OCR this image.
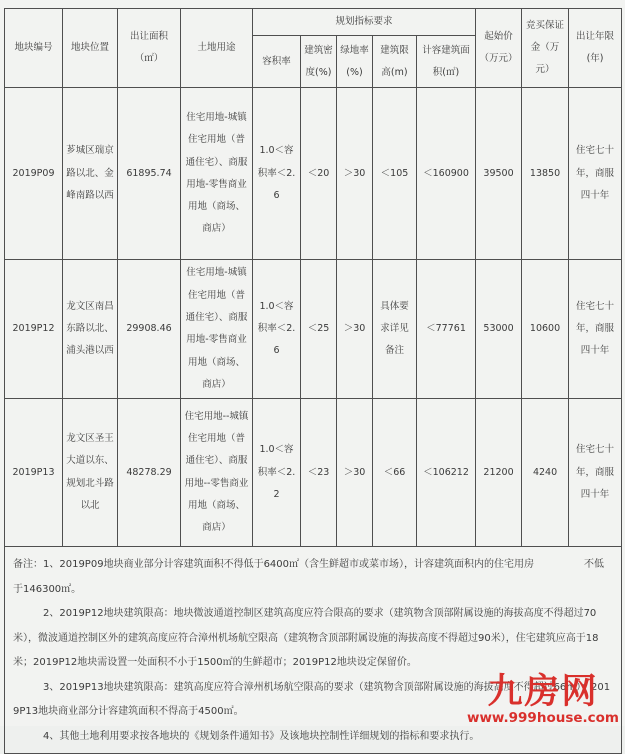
地块编号	地块位置	出让面积（㎡）	土地用途	规划指标要求					起始价（万元）	竞买保证金（万元）	出让年限(年)
				容积率	建筑密度(%)	绿地率(%)	建筑限高(m)	计容建筑面积(㎡)			
2019P09	芗城区瑞京路以北、金峰南路以西	61895.74	住宅用地-城镇住宅用地（普通住宅）、商服用地-零售商业用地（商场、商店）	1.0＜容积率＜2.6	＜20	＞30	＜105	＜160900	39500	13850	住宅七十年，商服四十年
2019P12	龙文区南昌东路以北、浦头港以西	29908.46	住宅用地-城镇住宅用地（普通住宅）、商服用地-零售商业用地（商场、商店）	1.0＜容积率＜2.6	＜25	＞30	具体要求详见备注	＜77761	53000	10600	住宅七十年，商服四十年
2019P13	龙文区圣王大道以东、规划北斗路以北	48278.29	住宅用地--城镇住宅用地（普通住宅）、商服用地--零售商业用地（商场、商店）	1.0＜容积率＜2.2	＜23	＞30	＜66	＜106212	21200	4240	住宅七十年，商服四十年

备注：1、2019P09地块商业部分计容建筑面积不得低于6400㎡（含生鲜超市或菜市场），计容建筑面积内的住宅用房　　　　　不低于146300㎡。

2、2019P12地块建筑限高：地块微波通道控制区建筑高度应符合限高的要求（建筑物含顶部附属设施的海拔高度不得超过70米），微波通道控制区外的建筑高度应符合漳州机场航空限高（建筑物含顶部附属设施的海拔高度不得超过90米），住宅建筑应高于18米；2019P12地块需设置一处面积不小于1500㎡的生鲜超市；2019P12地块设定保留价。

3、2019P13地块建筑限高：建筑高度应符合漳州机场航空限高的要求（建筑物含顶部附属设施的海拔高度不得超过66m）；2019P13地块商业部分计容建筑面积不得高于4500㎡。

4、其他土地利用要求按各地块的《规划条件通知书》及该地块控制性详细规划的指标和要求执行。											

九房网
www.999house.com
